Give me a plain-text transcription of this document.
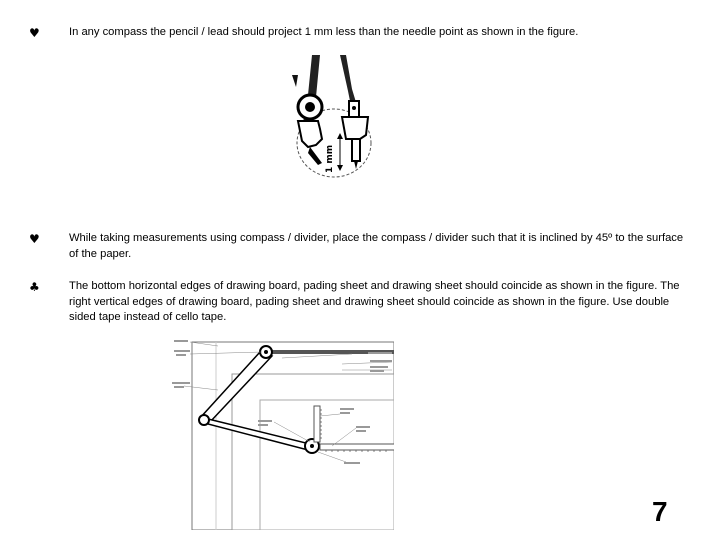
♥	In any compass the pencil / lead should project 1 mm less than the needle point as shown in the figure.
1 mm
♥	While taking measurements using compass / divider, place the compass / divider such that it is inclined by 45º to the surface of the paper.
♣	The bottom horizontal edges of drawing board, pading sheet and drawing sheet should coincide as shown in the figure. The right vertical edges of drawing board, pading sheet and drawing sheet should coincide as shown in the figure. Use double sided tape instead of cello tape.
7
